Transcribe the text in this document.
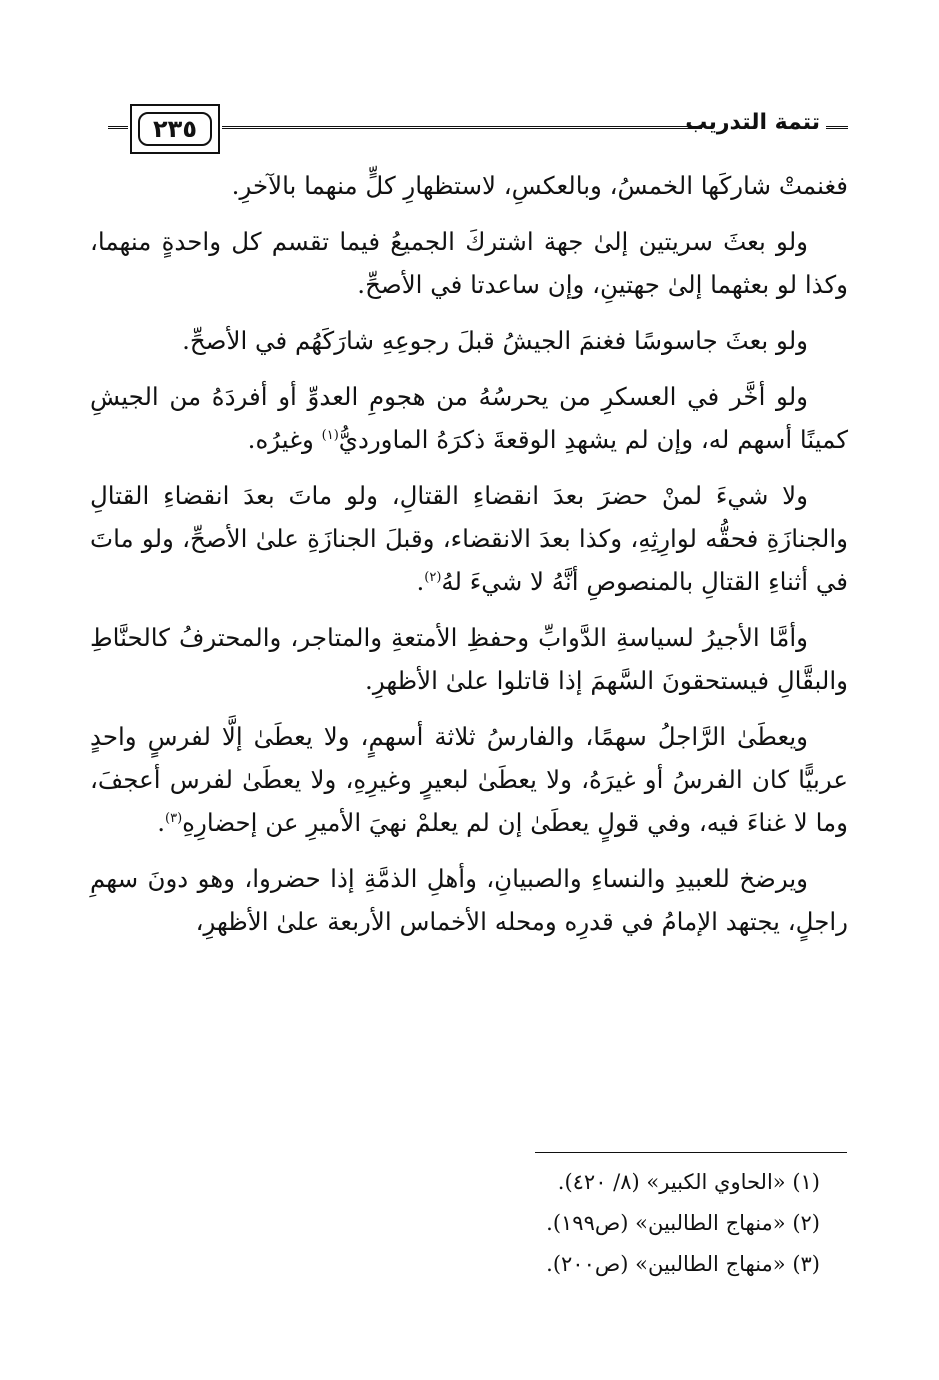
٢٣٥	تتمة التدريب

فغنمتْ شاركَها الخمسُ، وبالعكسِ، لاستظهارِ كلٍّ منهما بالآخرِ.

ولو بعثَ سريتين إلىٰ جهة اشتركَ الجميعُ فيما تقسم كل واحدةٍ منهما، وكذا لو بعثهما إلىٰ جهتينِ، وإن ساعدتا في الأصحِّ.

ولو بعثَ جاسوسًا فغنمَ الجيشُ قبلَ رجوعِهِ شارَكَهُم في الأصحِّ.

ولو أخَّر في العسكرِ من يحرسُهُ من هجومِ العدوِّ أو أفردَهُ من الجيشِ كمينًا أسهم له، وإن لم يشهدِ الوقعةَ ذكرَهُ الماورديُّ$^{(١)}$ وغيرُه.

ولا شيءَ لمنْ حضرَ بعدَ انقضاءِ القتالِ، ولو ماتَ بعدَ انقضاءِ القتالِ والجنازَةِ فحقُّه لوارِثِهِ، وكذا بعدَ الانقضاء، وقبلَ الجنازَةِ علىٰ الأصحِّ، ولو ماتَ في أثناءِ القتالِ بالمنصوصِ أنَّهُ لا شيءَ لهُ$^{(٢)}$.

وأمَّا الأجيرُ لسياسةِ الدَّوابِّ وحفظِ الأمتعةِ والمتاجر، والمحترفُ كالحنَّاطِ والبقَّالِ فيستحقونَ السَّهمَ إذا قاتلوا علىٰ الأظهرِ.

ويعطَىٰ الرَّاجلُ سهمًا، والفارسُ ثلاثة أسهمٍ، ولا يعطَىٰ إلَّا لفرسٍ واحدٍ عربيًّا كان الفرسُ أو غيرَهُ، ولا يعطَىٰ لبعيرٍ وغيرِهِ، ولا يعطَىٰ لفرس أعجفَ، وما لا غناءَ فيه، وفي قولٍ يعطَىٰ إن لم يعلمْ نهيَ الأميرِ عن إحضارِهِ$^{(٣)}$.

ويرضخ للعبيدِ والنساءِ والصبيانِ، وأهلِ الذمَّةِ إذا حضروا، وهو دونَ سهمِ راجلٍ، يجتهد الإمامُ في قدرِه ومحله الأخماس الأربعة علىٰ الأظهرِ،

(١) «الحاوي الكبير» (٨/ ٤٢٠).
(٢) «منهاج الطالبين» (ص١٩٩).
(٣) «منهاج الطالبين» (ص٢٠٠).
